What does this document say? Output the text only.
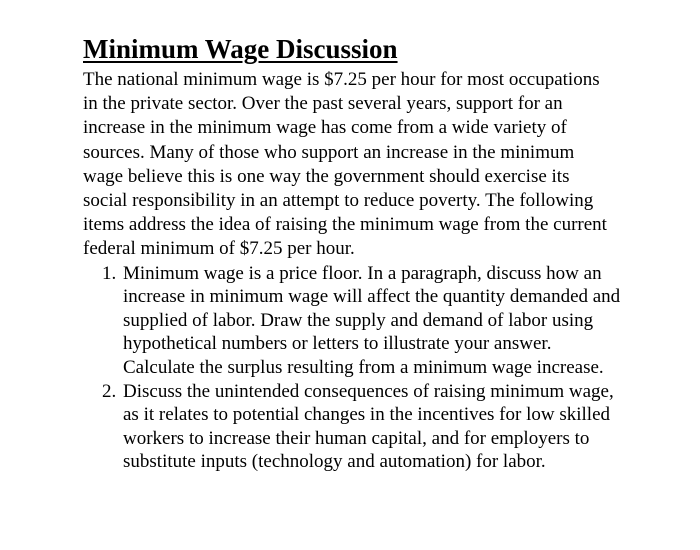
Minimum Wage Discussion

The national minimum wage is $7.25 per hour for most occupations in the private sector. Over the past several years, support for an increase in the minimum wage has come from a wide variety of sources. Many of those who support an increase in the minimum wage believe this is one way the government should exercise its social responsibility in an attempt to reduce poverty. The following items address the idea of raising the minimum wage from the current federal minimum of $7.25 per hour.

1. Minimum wage is a price floor. In a paragraph, discuss how an increase in minimum wage will affect the quantity demanded and supplied of labor. Draw the supply and demand of labor using hypothetical numbers or letters to illustrate your answer. Calculate the surplus resulting from a minimum wage increase.
2. Discuss the unintended consequences of raising minimum wage, as it relates to potential changes in the incentives for low skilled workers to increase their human capital, and for employers to substitute inputs (technology and automation) for labor.
